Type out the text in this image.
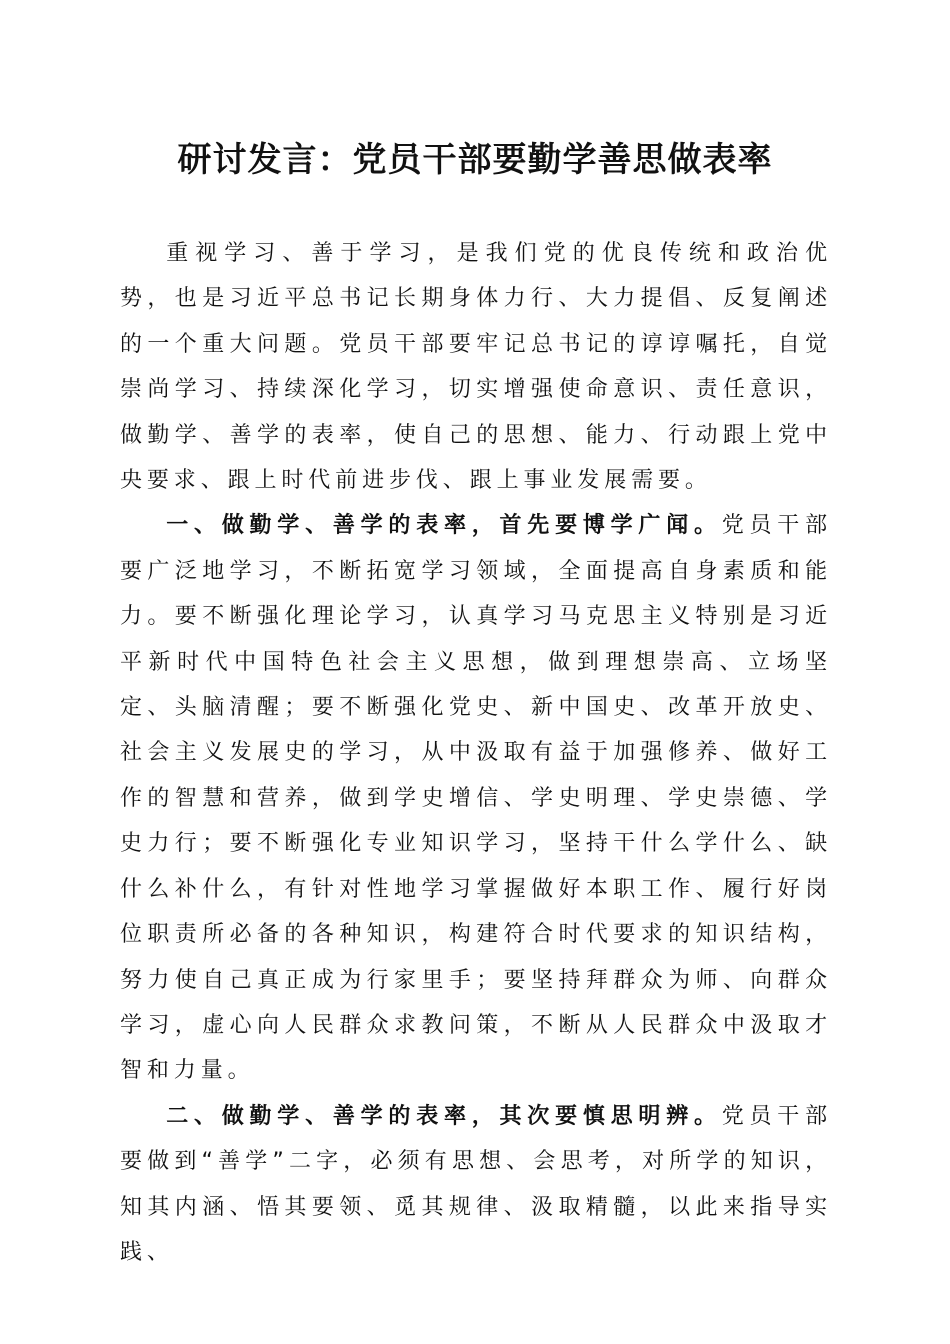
研讨发言：党员干部要勤学善思做表率

重视学习、善于学习，是我们党的优良传统和政治优势，也是习近平总书记长期身体力行、大力提倡、反复阐述的一个重大问题。党员干部要牢记总书记的谆谆嘱托，自觉崇尚学习、持续深化学习，切实增强使命意识、责任意识，做勤学、善学的表率，使自己的思想、能力、行动跟上党中央要求、跟上时代前进步伐、跟上事业发展需要。

一、做勤学、善学的表率，首先要博学广闻。党员干部要广泛地学习，不断拓宽学习领域，全面提高自身素质和能力。要不断强化理论学习，认真学习马克思主义特别是习近平新时代中国特色社会主义思想，做到理想崇高、立场坚定、头脑清醒；要不断强化党史、新中国史、改革开放史、社会主义发展史的学习，从中汲取有益于加强修养、做好工作的智慧和营养，做到学史增信、学史明理、学史崇德、学史力行；要不断强化专业知识学习，坚持干什么学什么、缺什么补什么，有针对性地学习掌握做好本职工作、履行好岗位职责所必备的各种知识，构建符合时代要求的知识结构，努力使自己真正成为行家里手；要坚持拜群众为师、向群众学习，虚心向人民群众求教问策，不断从人民群众中汲取才智和力量。

二、做勤学、善学的表率，其次要慎思明辨。党员干部要做到“善学”二字，必须有思想、会思考，对所学的知识，知其内涵、悟其要领、觅其规律、汲取精髓，以此来指导实践、
